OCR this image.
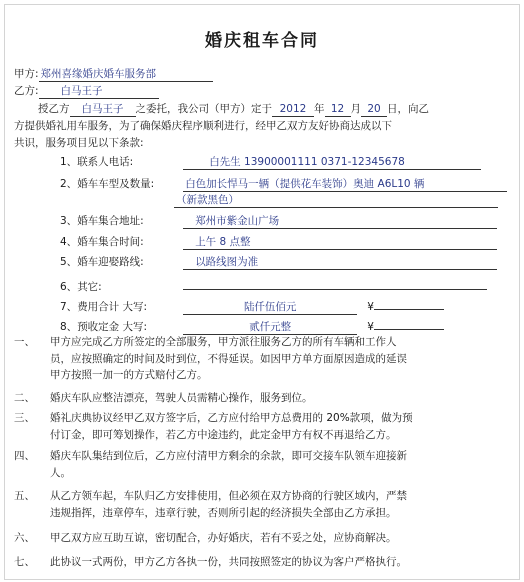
婚庆租车合同
甲方: 郑州喜缘婚庆婚车服务部
乙方: 白马王子
授乙方 白马王子 之委托，我公司（甲方）定于 2012 年 12 月 20 日，向乙
方提供婚礼用车服务，为了确保婚庆程序顺利进行，经甲乙双方友好协商达成以下
共识，服务项目见以下条款:
1、联系人电话:	白先生 13900001111 0371-12345678
2、婚车车型及数量:	白色加长悍马一辆（提供花车装饰）奥迪 A6L10 辆
（新款黑色）
3、婚车集合地址:	郑州市紫金山广场
4、婚车集合时间:	上午 8 点整
5、婚车迎娶路线:	以路线图为准
6、其它:
7、费用合计 大写:	陆仟伍佰元	¥
8、预收定金 大写:	贰仟元整	¥
一、 甲方应完成乙方所签定的全部服务，甲方派往服务乙方的所有车辆和工作人
员，应按照确定的时间及时到位，不得延误。如因甲方单方面原因造成的延误
甲方按照一加一的方式赔付乙方。
二、 婚庆车队应整洁漂亮，驾驶人员需精心操作，服务到位。
三、 婚礼庆典协议经甲乙双方签字后，乙方应付给甲方总费用的 20%款项，做为预
付订金，即可筹划操作，若乙方中途违约，此定金甲方有权不再退给乙方。
四、 婚庆车队集结到位后，乙方应付清甲方剩余的余款，即可交接车队领车迎接新
人。
五、 从乙方领车起，车队归乙方安排使用，但必须在双方协商的行驶区域内，严禁
违规指挥，违章停车，违章行驶，否则所引起的经济损失全部由乙方承担。
六、 甲乙双方应互助互谅，密切配合，办好婚庆，若有不妥之处，应协商解决。
七、 此协议一式两份，甲方乙方各执一份，共同按照签定的协议为客户严格执行。
